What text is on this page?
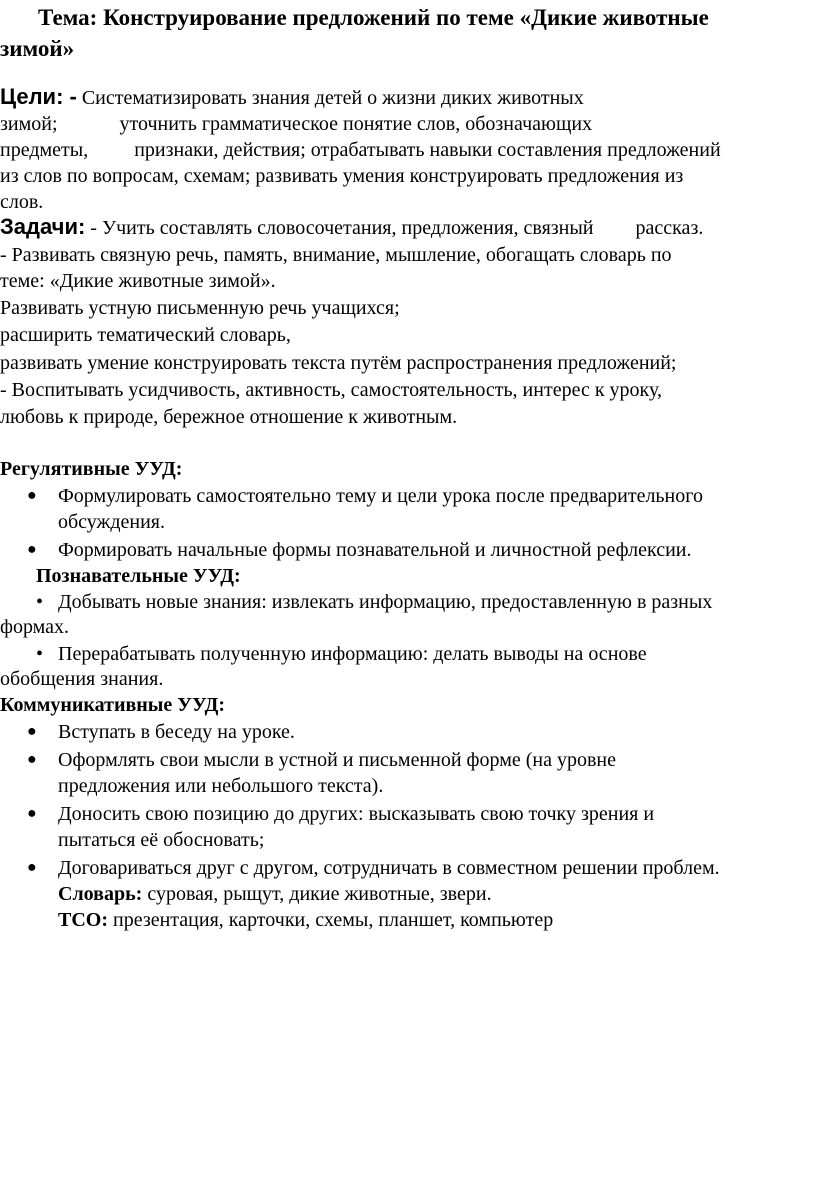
Тема: Конструирование предложений по теме «Дикие животные
зимой»
Цели: - Систематизировать знания детей о жизни диких животных
зимой;	уточнить грамматическое понятие слов, обозначающих
предметы, признаки, действия; отрабатывать навыки составления предложений
из слов по вопросам, схемам; развивать умения конструировать предложения из
слов.
Задачи: - Учить составлять словосочетания, предложения, связный рассказ.
- Развивать связную речь, память, внимание, мышление, обогащать словарь по
теме: «Дикие животные зимой».
Развивать устную письменную речь учащихся;
расширить тематический словарь,
развивать умение конструировать текста путём распространения предложений;
- Воспитывать усидчивость, активность, самостоятельность, интерес к уроку,
любовь к природе, бережное отношение к животным.
Регулятивные УУД:
● Формулировать самостоятельно тему и цели урока после предварительного
обсуждения.
● Формировать начальные формы познавательной и личностной рефлексии.
Познавательные УУД:
• Добывать новые знания: извлекать информацию, предоставленную в разных
формах.
• Перерабатывать полученную информацию: делать выводы на основе
обобщения знания.
Коммуникативные УУД:
● Вступать в беседу на уроке.
● Оформлять свои мысли в устной и письменной форме (на уровне
предложения или небольшого текста).
● Доносить свою позицию до других: высказывать свою точку зрения и
пытаться её обосновать;
● Договариваться друг с другом, сотрудничать в совместном решении проблем.
Словарь: суровая, рыщут, дикие животные, звери.
ТСО: презентация, карточки, схемы, планшет, компьютер
